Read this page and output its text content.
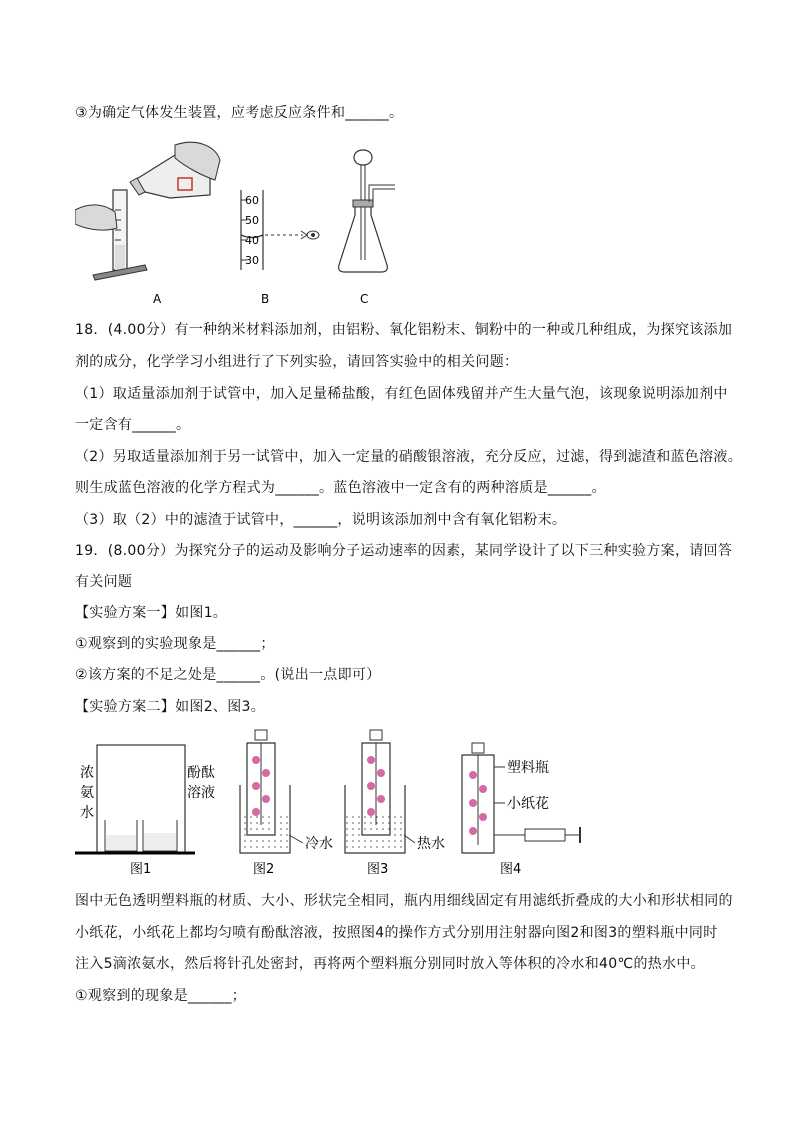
③为确定气体发生装置，应考虑反应条件和______。
18．(4.00分）有一种纳米材料添加剂，由铝粉、氧化铝粉末、铜粉中的一种或几种组成，为探究该添加
剂的成分，化学学习小组进行了下列实验，请回答实验中的相关问题：
（1）取适量添加剂于试管中，加入足量稀盐酸，有红色固体残留并产生大量气泡，该现象说明添加剂中
一定含有______。
（2）另取适量添加剂于另一试管中，加入一定量的硝酸银溶液，充分反应，过滤，得到滤渣和蓝色溶液。
则生成蓝色溶液的化学方程式为______。蓝色溶液中一定含有的两种溶质是______。
（3）取（2）中的滤渣于试管中，______，说明该添加剂中含有氧化铝粉末。
19．(8.00分）为探究分子的运动及影响分子运动速率的因素，某同学设计了以下三种实验方案，请回答
有关问题
【实验方案一】如图1。
①观察到的实验现象是______；
②该方案的不足之处是______。(说出一点即可）
【实验方案二】如图2、图3。
图中无色透明塑料瓶的材质、大小、形状完全相同，瓶内用细线固定有用滤纸折叠成的大小和形状相同的
小纸花，小纸花上都均匀喷有酚酞溶液，按照图4的操作方式分别用注射器向图2和图3的塑料瓶中同时
注入5滴浓氨水，然后将针孔处密封，再将两个塑料瓶分别同时放入等体积的冷水和40℃的热水中。
①观察到的现象是______；
A
60
50
40
30
B	C
浓
氨
水
酚酞
溶液
图1
冷水
图2
热水
图3
塑料瓶
小纸花
图4
